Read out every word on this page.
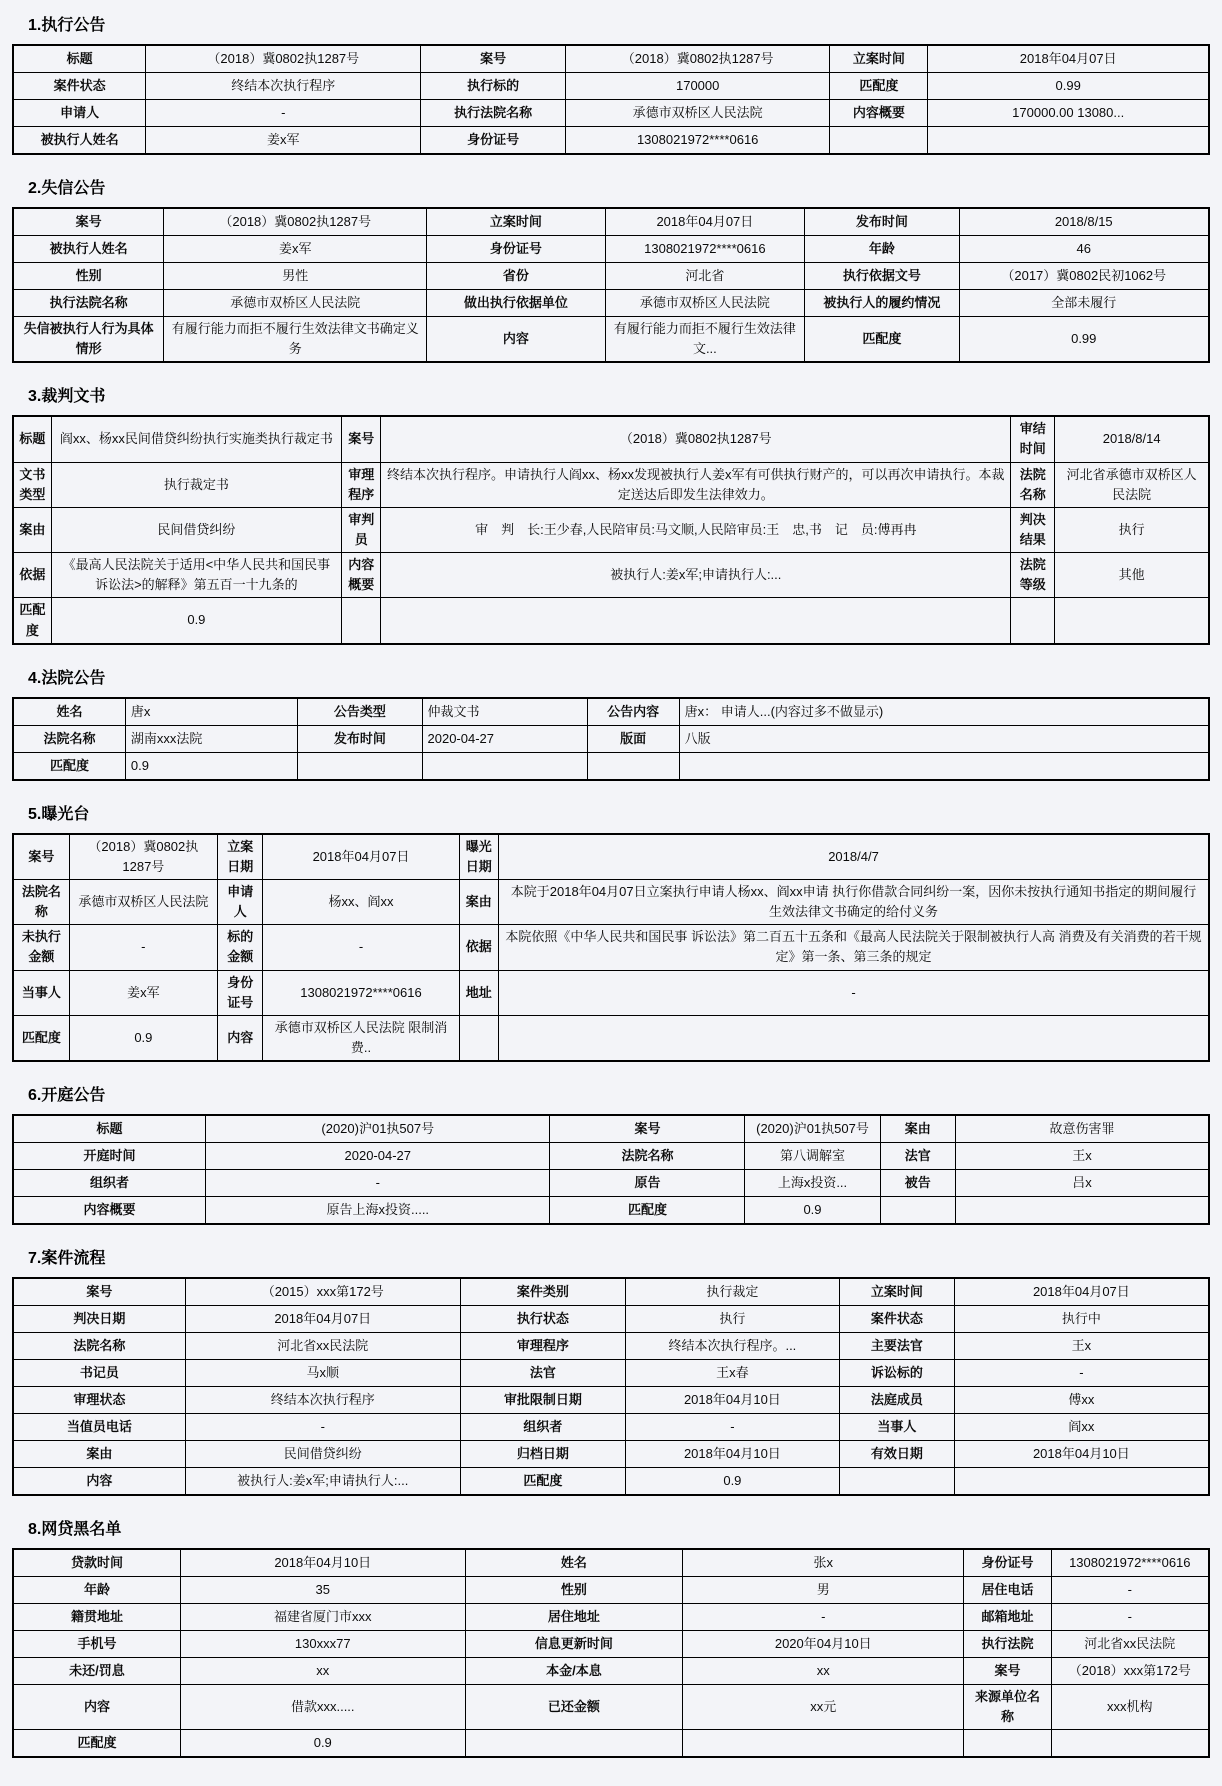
1.执行公告
标题	（2018）冀0802执1287号	案号	（2018）冀0802执1287号	立案时间	2018年04月07日
案件状态	终结本次执行程序	执行标的	170000	匹配度	0.99
申请人	-	执行法院名称	承德市双桥区人民法院	内容概要	170000.00 13080...
被执行人姓名	姜x军	身份证号	1308021972****0616		
2.失信公告
案号	（2018）冀0802执1287号	立案时间	2018年04月07日	发布时间	2018/8/15
被执行人姓名	姜x军	身份证号	1308021972****0616	年龄	46
性别	男性	省份	河北省	执行依据文号	（2017）冀0802民初1062号
执行法院名称	承德市双桥区人民法院	做出执行依据单位	承德市双桥区人民法院	被执行人的履约情况	全部未履行
失信被执行人行为具体情形	有履行能力而拒不履行生效法律文书确定义务	内容	有履行能力而拒不履行生效法律文...	匹配度	0.99
3.裁判文书
标题	阎xx、杨xx民间借贷纠纷执行实施类执行裁定书	案号	（2018）冀0802执1287号	审结时间	2018/8/14
文书类型	执行裁定书	审理程序	终结本次执行程序。申请执行人阎xx、杨xx发现被执行人姜x军有可供执行财产的，可以再次申请执行。本裁定送达后即发生法律效力。	法院名称	河北省承德市双桥区人民法院
案由	民间借贷纠纷	审判员	审　判　长:王少春,人民陪审员:马文顺,人民陪审员:王　忠,书　记　员:傅再冉	判决结果	执行
依据	《最高人民法院关于适用<中华人民共和国民事诉讼法>的解释》第五百一十九条的	内容概要	被执行人:姜x军;申请执行人:...	法院等级	其他
匹配度	0.9				
4.法院公告
姓名	唐x	公告类型	仲裁文书	公告内容	唐x： 申请人...(内容过多不做显示)
法院名称	湖南xxx法院	发布时间	2020-04-27	版面	八版
匹配度	0.9				
5.曝光台
案号	（2018）冀0802执1287号	立案日期	2018年04月07日	曝光日期	2018/4/7
法院名称	承德市双桥区人民法院	申请人	杨xx、阎xx	案由	本院于2018年04月07日立案执行申请人杨xx、阎xx申请 执行你借款合同纠纷一案，因你未按执行通知书指定的期间履行 生效法律文书确定的给付义务
未执行金额	-	标的金额	-	依据	本院依照《中华人民共和国民事 诉讼法》第二百五十五条和《最高人民法院关于限制被执行人高 消费及有关消费的若干规定》第一条、第三条的规定
当事人	姜x军	身份证号	1308021972****0616	地址	-
匹配度	0.9	内容	承德市双桥区人民法院 限制消费..		
6.开庭公告
标题	(2020)沪01执507号	案号	(2020)沪01执507号	案由	故意伤害罪
开庭时间	2020-04-27	法院名称	第八调解室	法官	王x
组织者	-	原告	上海x投资...	被告	吕x
内容概要	原告上海x投资.....	匹配度	0.9		
7.案件流程
案号	（2015）xxx第172号	案件类别	执行裁定	立案时间	2018年04月07日
判决日期	2018年04月07日	执行状态	执行	案件状态	执行中
法院名称	河北省xx民法院	审理程序	终结本次执行程序。...	主要法官	王x
书记员	马x顺	法官	王x春	诉讼标的	-
审理状态	终结本次执行程序	审批限制日期	2018年04月10日	法庭成员	傅xx
当值员电话	-	组织者	-	当事人	阎xx
案由	民间借贷纠纷	归档日期	2018年04月10日	有效日期	2018年04月10日
内容	被执行人:姜x军;申请执行人:...	匹配度	0.9		
8.网贷黑名单
贷款时间	2018年04月10日	姓名	张x	身份证号	1308021972****0616
年龄	35	性别	男	居住电话	-
籍贯地址	福建省厦门市xxx	居住地址	-	邮箱地址	-
手机号	130xxx77	信息更新时间	2020年04月10日	执行法院	河北省xx民法院
未还/罚息	xx	本金/本息	xx	案号	（2018）xxx第172号
内容	借款xxx.....	已还金额	xx元	来源单位名称	xxx机构
匹配度	0.9				
